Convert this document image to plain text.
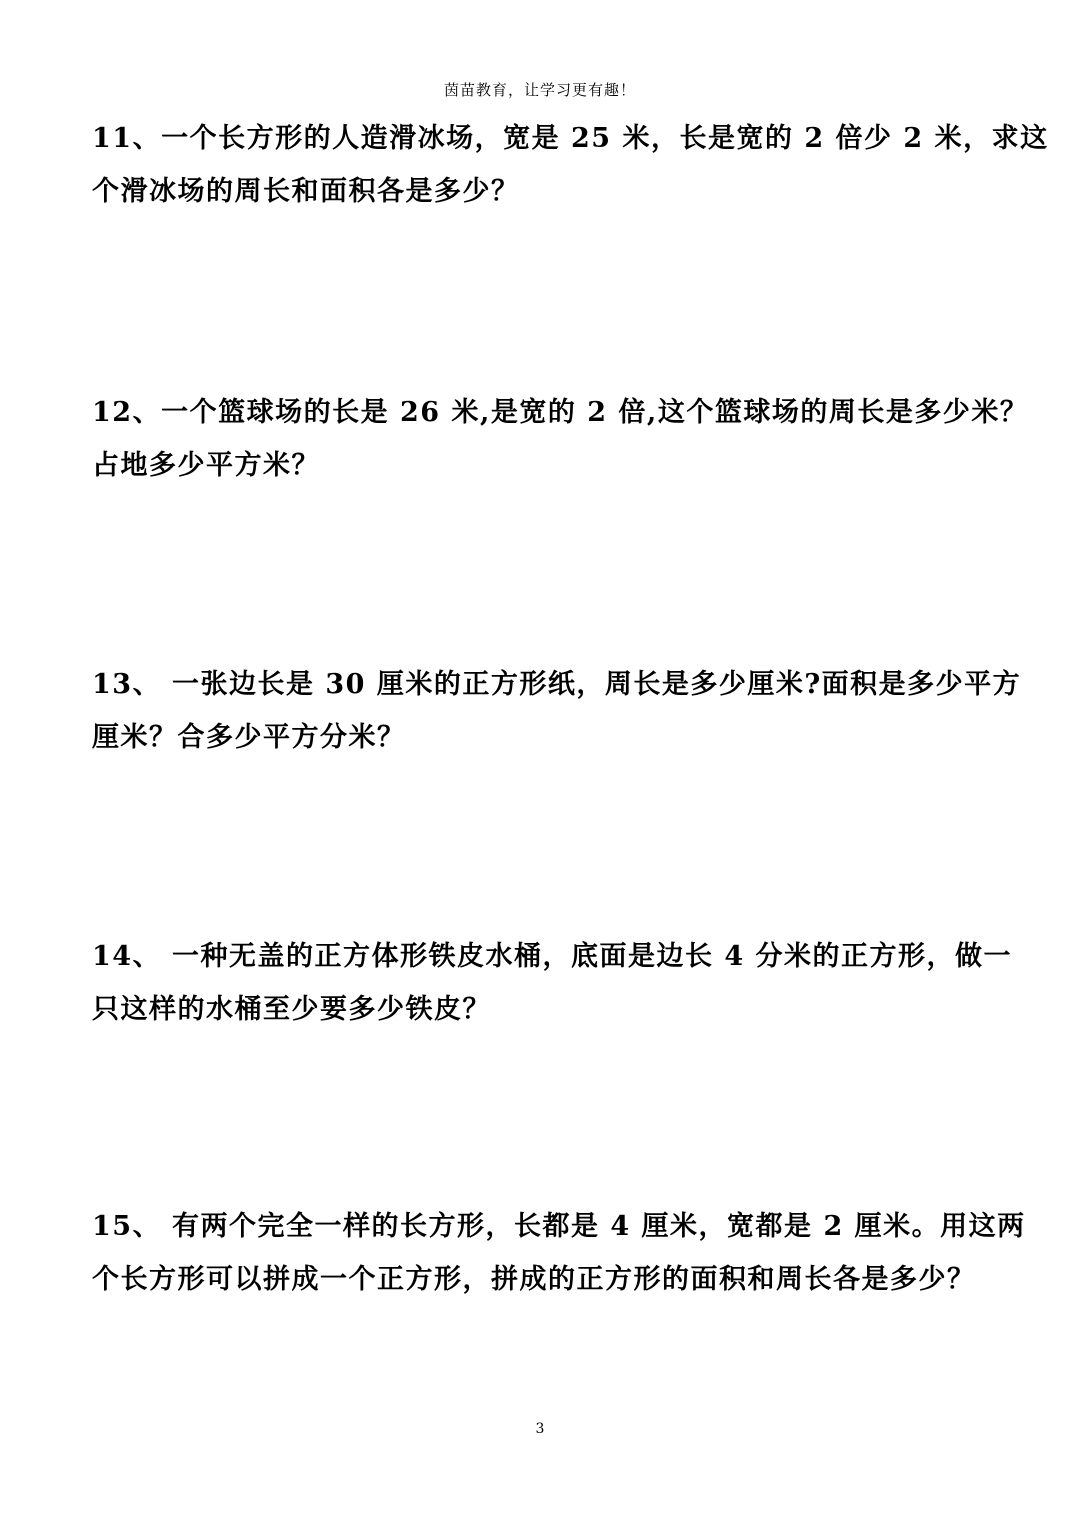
茵苗教育，让学习更有趣！
11、一个长方形的人造滑冰场，宽是 25 米，长是宽的 2 倍少 2 米，求这
个滑冰场的周长和面积各是多少？
12、一个篮球场的长是 26 米,是宽的 2 倍,这个篮球场的周长是多少米？
占地多少平方米？
13、 一张边长是 30 厘米的正方形纸，周长是多少厘米?面积是多少平方
厘米？合多少平方分米？
14、 一种无盖的正方体形铁皮水桶，底面是边长 4 分米的正方形，做一
只这样的水桶至少要多少铁皮？
15、 有两个完全一样的长方形，长都是 4 厘米，宽都是 2 厘米。用这两
个长方形可以拼成一个正方形，拼成的正方形的面积和周长各是多少？
3
